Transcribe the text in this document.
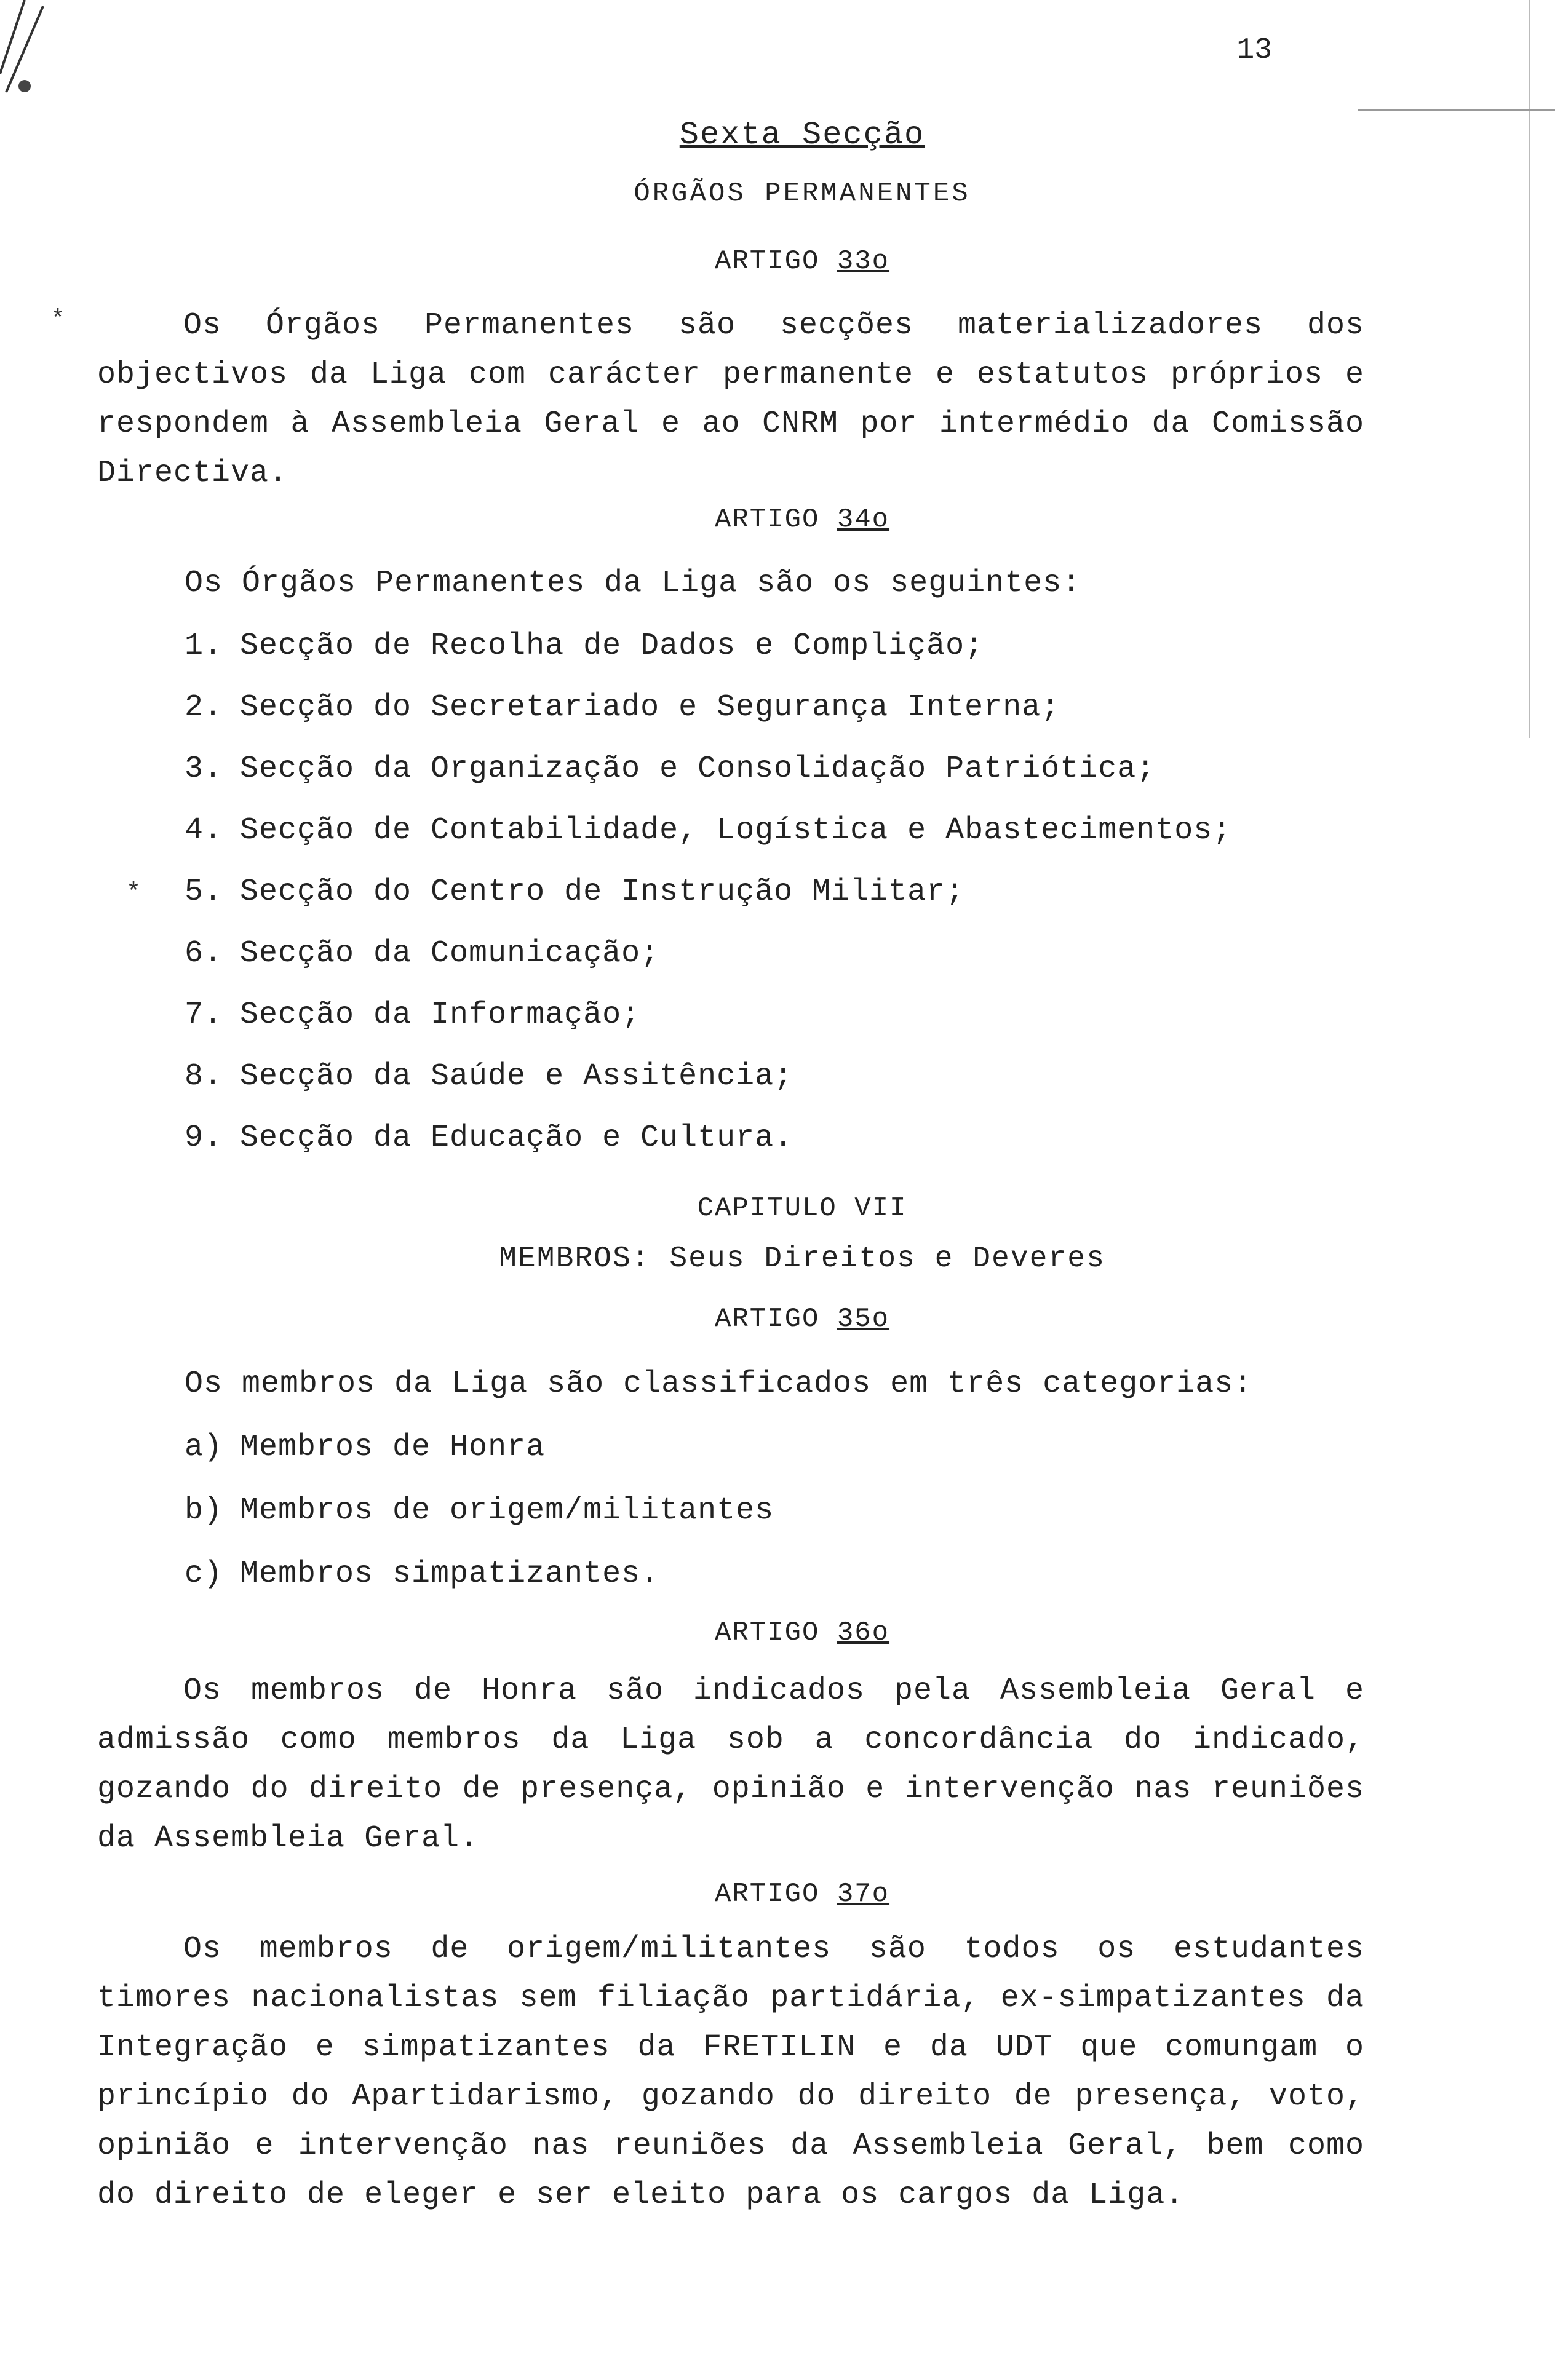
13
Sexta Secção
ÓRGÃOS PERMANENTES
ARTIGO 33o
*	Os Órgãos Permanentes são secções materializadores dos objectivos da Liga com carácter permanente e estatutos próprios e respondem à Assembleia Geral e ao CNRM por intermédio da Comissão Directiva.
ARTIGO 34o
Os Órgãos Permanentes da Liga são os seguintes:
1. Secção de Recolha de Dados e Complição;
2. Secção do Secretariado e Segurança Interna;
3. Secção da Organização e Consolidação Patriótica;
4. Secção de Contabilidade, Logística e Abastecimentos;
* 5. Secção do Centro de Instrução Militar;
6. Secção da Comunicação;
7. Secção da Informação;
8. Secção da Saúde e Assitência;
9. Secção da Educação e Cultura.
CAPITULO VII
MEMBROS: Seus Direitos e Deveres
ARTIGO 35o
Os membros da Liga são classificados em três categorias:
a) Membros de Honra
b) Membros de origem/militantes
c) Membros simpatizantes.
ARTIGO 36o
Os membros de Honra são indicados pela Assembleia Geral e admissão como membros da Liga sob a concordância do indicado, gozando do direito de presença, opinião e intervenção nas reuniões da Assembleia Geral.
ARTIGO 37o
Os membros de origem/militantes são todos os estudantes timores nacionalistas sem filiação partidária, ex-simpatizantes da Integração e simpatizantes da FRETILIN e da UDT que comungam o princípio do Apartidarismo, gozando do direito de presença, voto, opinião e intervenção nas reuniões da Assembleia Geral, bem como do direito de eleger e ser eleito para os cargos da Liga.
